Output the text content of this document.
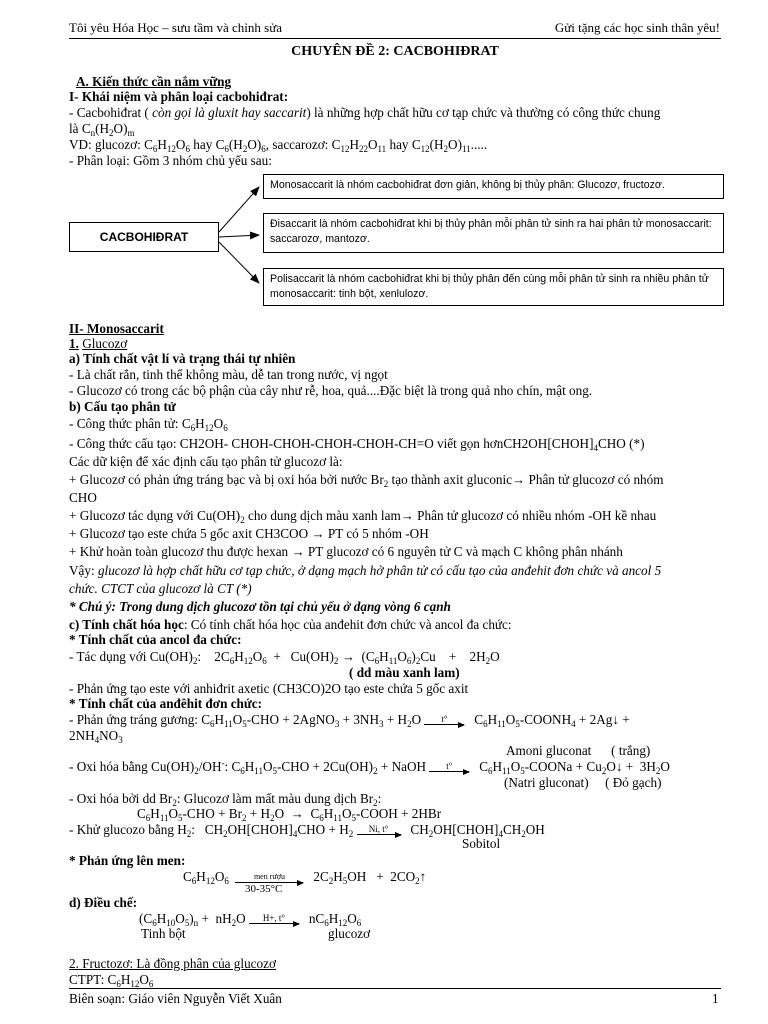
Tôi yêu Hóa Học – sưu tầm và chỉnh sửa	Gửi tặng các học sinh thân yêu!
CHUYÊN ĐỀ 2: CACBOHIĐRAT
A. Kiến thức cần nắm vững
I- Khái niệm và phân loại cacbohiđrat:
- Cacbohiđrat ( còn gọi là gluxit hay saccarit) là những hợp chất hữu cơ tạp chức và thường có công thức chung
là $C_n(H_2O)_m$
VD: glucozơ: $C_6H_{12}O_6$ hay $C_6(H_2O)_6$, saccarozơ: $C_{12}H_{22}O_{11}$ hay $C_{12}(H_2O)_{11}$.....
- Phân loại: Gồm 3 nhóm chủ yếu sau:
CACBOHIĐRAT
Monosaccarit là nhóm cacbohiđrat đơn giản, không bị thủy phân: Glucozơ, fructozơ.
Đisaccarit là nhóm cacbohiđrat khi bị thủy phân mỗi phân tử sinh ra hai phân tử monosaccarit: saccarozơ, mantozơ.
Polisaccarit là nhóm cacbohiđrat khi bị thủy phân đến cùng mỗi phân tử sinh ra nhiều phân tử monosaccarit: tinh bột, xenlulozơ.
II- Monosaccarit
1. Glucozơ
a) Tính chất vật lí và trạng thái tự nhiên
- Là chất rắn, tinh thể không màu, dễ tan trong nước, vị ngọt
- Glucozơ có trong các bộ phận của cây như rễ, hoa, quả....Đặc biệt là trong quả nho chín, mật ong.
b) Cấu tạo phân tử
- Công thức phân tử: $C_6H_{12}O_6$
- Công thức cấu tạo: CH2OH- CHOH-CHOH-CHOH-CHOH-CH=O viết gọn $hơnCH2OH[CHOH]_4CHO$ (*)
Các dữ kiện để xác định cấu tạo phân tử glucozơ là:
+ Glucozơ có phản ứng tráng bạc và bị oxi hóa bởi nước $Br_2$ tạo thành axit gluconic→ Phân tử glucozơ có nhóm
CHO
+ Glucozơ tác dụng với $Cu(OH)_2$ cho dung dịch màu xanh lam→ Phân tử glucozơ có nhiều nhóm -OH kề nhau
+ Glucozơ tạo este chứa 5 gốc axit CH3COO → PT có 5 nhóm -OH
+ Khử hoàn toàn glucozơ thu được hexan → PT glucozơ có 6 nguyên tử C và mạch C không phân nhánh
Vậy: glucozơ là hợp chất hữu cơ tạp chức, ở dạng mạch hở phân tử có cấu tạo của anđehit đơn chức và ancol 5
chức. CTCT của glucozơ là CT (*)
* Chú ý: Trong dung dịch glucozơ tồn tại chủ yếu ở dạng vòng 6 cạnh
c) Tính chất hóa học: Có tính chất hóa học của anđehit đơn chức và ancol đa chức:
* Tính chất của ancol đa chức:
- Tác dụng với $Cu(OH)_2$:    $2C_6H_{12}O_6 + Cu(OH)_2 \to (C_6H_{11}O_6)_2Cu$    +    $2H_2O$
( dd màu xanh lam)
- Phản ứng tạo este với anhiđrit axetic (CH3CO)2O tạo este chứa 5 gốc axit
* Tính chất của anđêhit đơn chức:
- Phản ứng tráng gương: $C_6H_{11}O_5$-CHO + 2AgNO$_3$ + $3NH_3 + H_2O$ t°   $C_6H_{11}O_5-COONH_4$ + 2Ag↓ +
$2NH_4NO_3$
Amoni gluconat ( trắng)
- Oxi hóa bằng $Cu(OH)_2/OH^-$: $C_6H_{11}O_5$-CHO + $2Cu(OH)_2$ + NaOH t°   $C_6H_{11}O_5$-COONa + $Cu_2O↓ + 3H_2O$
(Natri gluconat) ( Đỏ gạch)
- Oxi hóa bởi dd $Br_2$: Glucozơ làm mất màu dung dịch $Br_2$:
$C_6H_{11}O_5$-CHO + $Br_2 + H_2O$  →  $C_6H_{11}O_5$-COOH + 2HBr
- Khử glucozo bằng $H_2$:   $CH_2OH[CHOH]_4CHO + H_2$ Ni, t°   $CH_2OH[CHOH]_4CH_2OH$
Sobitol
* Phản ứng lên men:
$C_6H_{12}O_6$	men rượu   $2C_2H_5OH$   +  $2CO_2↑$
30-35°C
d) Điều chế:
$(C_6H_{10}O_5)_n + nH_2O$ H+, t°   $nC_6H_{12}O_6$
Tinh bột	glucozơ
2. Fructozơ: Là đồng phân của glucozơ
CTPT: $C_6H_{12}O_6$
Biên soạn: Giáo viên Nguyễn Viết Xuân	1
